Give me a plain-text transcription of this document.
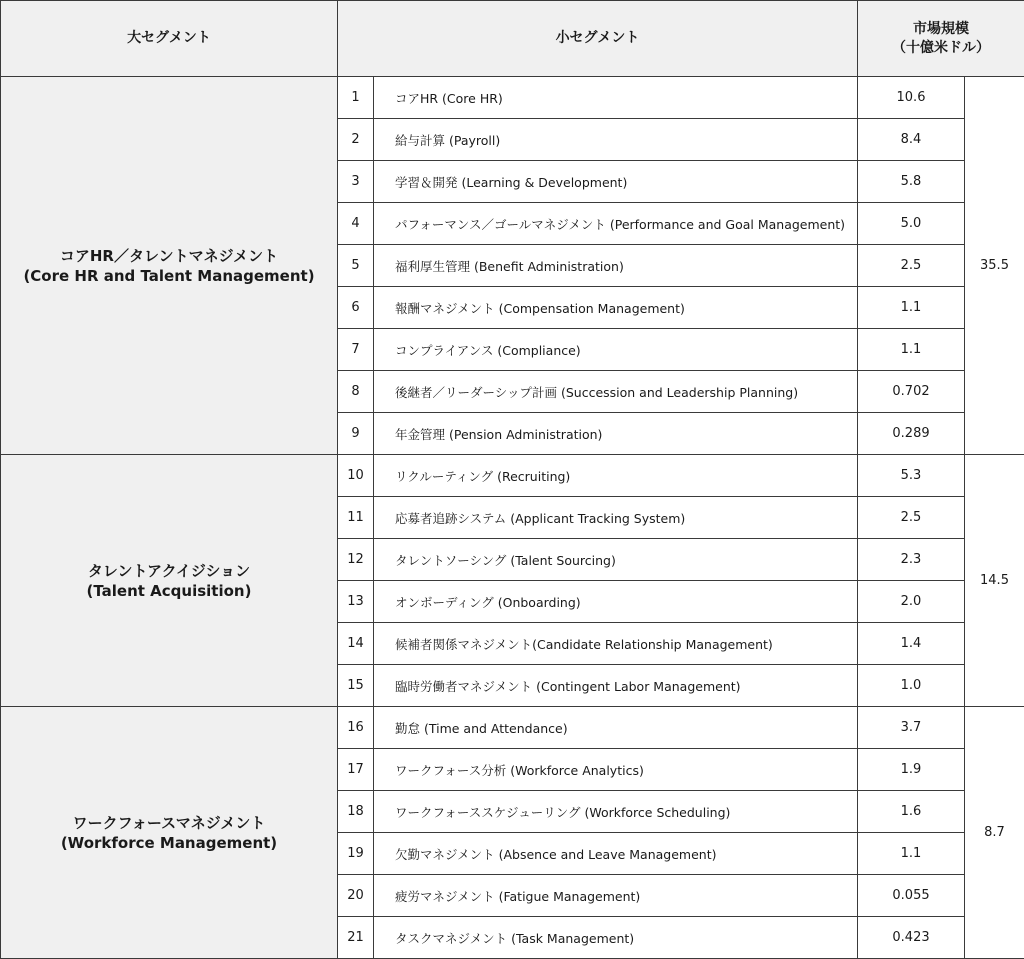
大セグメント	小セグメント		市場規模
（十億米ドル）	

コアHR／タレントマネジメント
(Core HR and Talent Management)	1	コアHR (Core HR)	10.6	35.5
	2	給与計算 (Payroll)	8.4	
	3	学習＆開発 (Learning & Development)	5.8	
	4	パフォーマンス／ゴールマネジメント (Performance and Goal Management)	5.0	
	5	福利厚生管理 (Benefit Administration)	2.5	
	6	報酬マネジメント (Compensation Management)	1.1	
	7	コンプライアンス (Compliance)	1.1	
	8	後継者／リーダーシップ計画 (Succession and Leadership Planning)	0.702	
	9	年金管理 (Pension Administration)	0.289	

タレントアクイジション
(Talent Acquisition)	10	リクルーティング (Recruiting)	5.3	14.5
	11	応募者追跡システム (Applicant Tracking System)	2.5	
	12	タレントソーシング (Talent Sourcing)	2.3	
	13	オンボーディング (Onboarding)	2.0	
	14	候補者関係マネジメント(Candidate Relationship Management)	1.4	
	15	臨時労働者マネジメント (Contingent Labor Management)	1.0	

ワークフォースマネジメント
(Workforce Management)	16	勤怠 (Time and Attendance)	3.7	8.7
	17	ワークフォース分析 (Workforce Analytics)	1.9	
	18	ワークフォーススケジューリング (Workforce Scheduling)	1.6	
	19	欠勤マネジメント (Absence and Leave Management)	1.1	
	20	疲労マネジメント (Fatigue Management)	0.055	
	21	タスクマネジメント (Task Management)	0.423	
